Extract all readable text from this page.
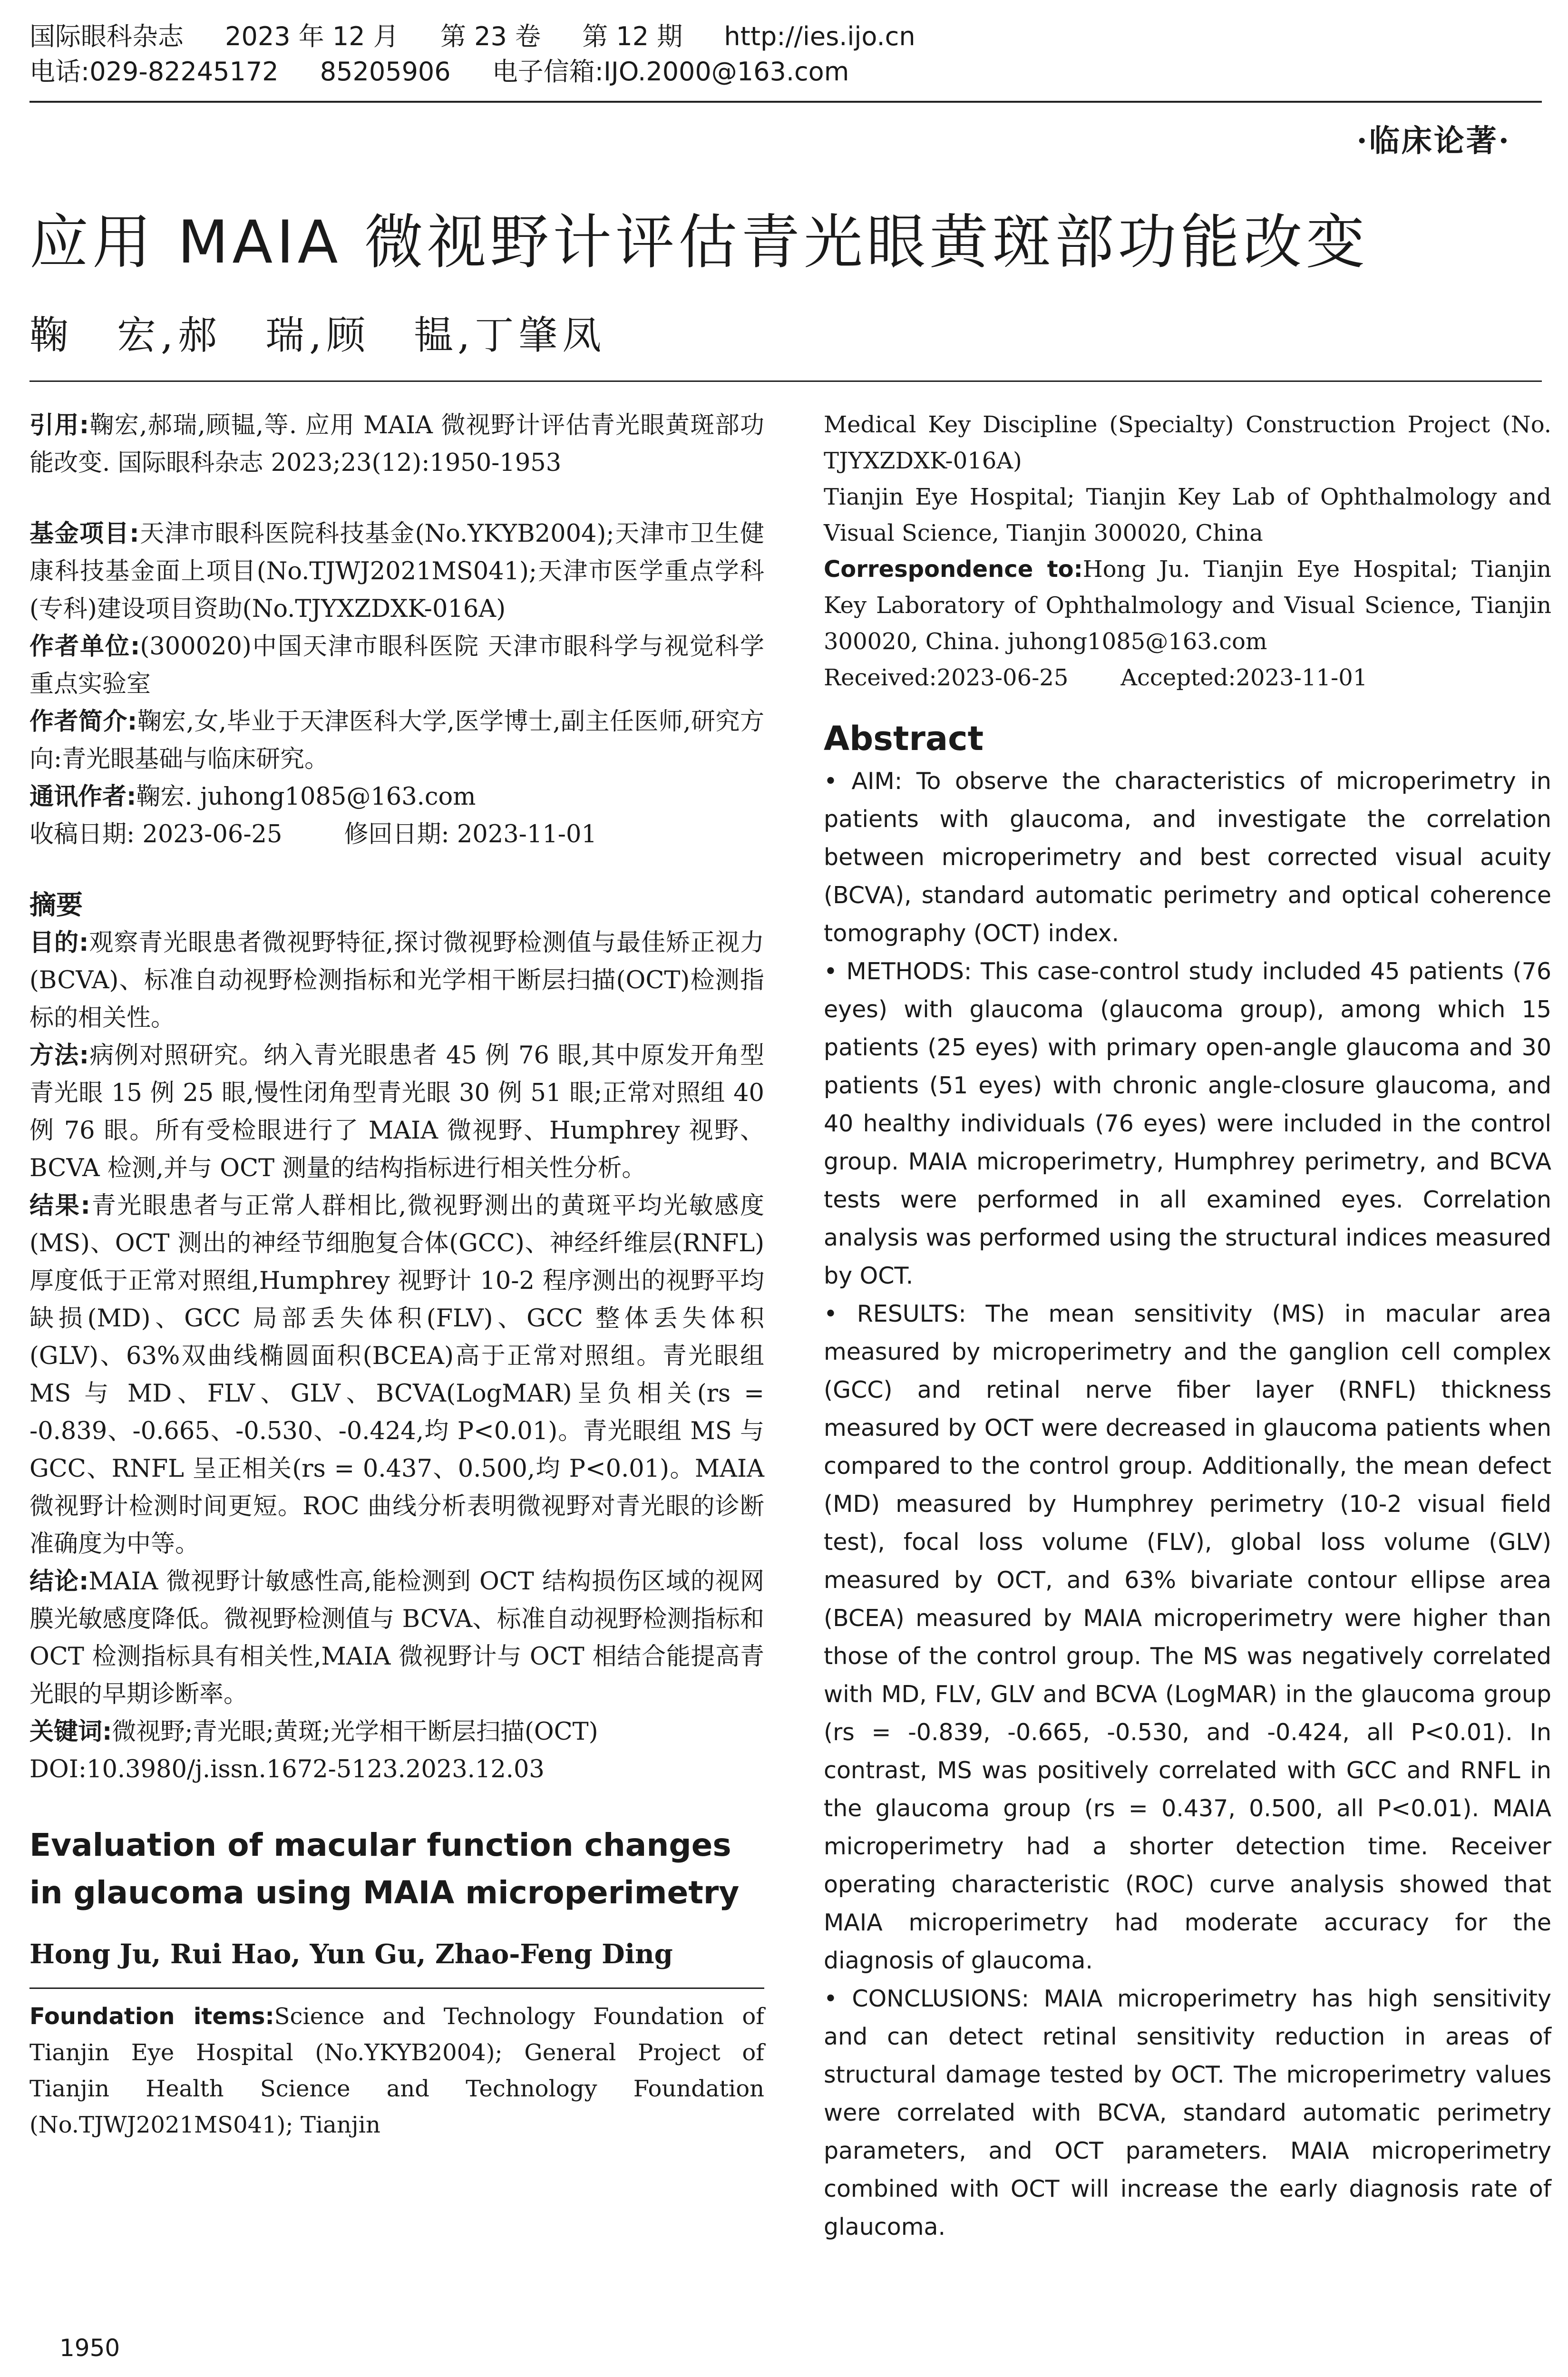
国际眼科杂志 2023 年 12 月 第 23 卷 第 12 期 http://ies.ijo.cn
电话:029-82245172 85205906 电子信箱:IJO.2000@163.com
·临床论著·
应用 MAIA 微视野计评估青光眼黄斑部功能改变
鞠　宏,郝　瑞,顾　韫,丁肇凤

引用:鞠宏,郝瑞,顾韫,等. 应用 MAIA 微视野计评估青光眼黄斑部功能改变. 国际眼科杂志 2023;23(12):1950-1953

基金项目:天津市眼科医院科技基金(No.YKYB2004);天津市卫生健康科技基金面上项目(No.TJWJ2021MS041);天津市医学重点学科(专科)建设项目资助(No.TJYXZDXK-016A)

作者单位:(300020)中国天津市眼科医院 天津市眼科学与视觉科学重点实验室

作者简介:鞠宏,女,毕业于天津医科大学,医学博士,副主任医师,研究方向:青光眼基础与临床研究。

通讯作者:鞠宏. juhong1085@163.com

收稿日期: 2023-06-25	修回日期: 2023-11-01

摘要

目的:观察青光眼患者微视野特征,探讨微视野检测值与最佳矫正视力(BCVA)、标准自动视野检测指标和光学相干断层扫描(OCT)检测指标的相关性。

方法:病例对照研究。纳入青光眼患者 45 例 76 眼,其中原发开角型青光眼 15 例 25 眼,慢性闭角型青光眼 30 例 51 眼;正常对照组 40 例 76 眼。所有受检眼进行了 MAIA 微视野、Humphrey 视野、BCVA 检测,并与 OCT 测量的结构指标进行相关性分析。

结果:青光眼患者与正常人群相比,微视野测出的黄斑平均光敏感度(MS)、OCT 测出的神经节细胞复合体(GCC)、神经纤维层(RNFL)厚度低于正常对照组,Humphrey 视野计 10-2 程序测出的视野平均缺损(MD)、GCC 局部丢失体积(FLV)、GCC 整体丢失体积(GLV)、63%双曲线椭圆面积(BCEA)高于正常对照组。青光眼组 MS 与 MD、FLV、GLV、BCVA(LogMAR)呈负相关(rs = -0.839、-0.665、-0.530、-0.424,均 P<0.01)。青光眼组 MS 与 GCC、RNFL 呈正相关(rs = 0.437、0.500,均 P<0.01)。MAIA 微视野计检测时间更短。ROC 曲线分析表明微视野对青光眼的诊断准确度为中等。

结论:MAIA 微视野计敏感性高,能检测到 OCT 结构损伤区域的视网膜光敏感度降低。微视野检测值与 BCVA、标准自动视野检测指标和 OCT 检测指标具有相关性,MAIA 微视野计与 OCT 相结合能提高青光眼的早期诊断率。

关键词:微视野;青光眼;黄斑;光学相干断层扫描(OCT)

DOI:10.3980/j.issn.1672-5123.2023.12.03

Evaluation of macular function changes in glaucoma using MAIA microperimetry

Hong Ju, Rui Hao, Yun Gu, Zhao-Feng Ding

Foundation items:Science and Technology Foundation of Tianjin Eye Hospital (No.YKYB2004); General Project of Tianjin Health Science and Technology Foundation (No.TJWJ2021MS041); Tianjin

Medical Key Discipline (Specialty) Construction Project (No. TJYXZDXK-016A)

Tianjin Eye Hospital; Tianjin Key Lab of Ophthalmology and Visual Science, Tianjin 300020, China

Correspondence to:Hong Ju. Tianjin Eye Hospital; Tianjin Key Laboratory of Ophthalmology and Visual Science, Tianjin 300020, China. juhong1085@163.com

Received:2023-06-25 Accepted:2023-11-01

Abstract

• AIM: To observe the characteristics of microperimetry in patients with glaucoma, and investigate the correlation between microperimetry and best corrected visual acuity (BCVA), standard automatic perimetry and optical coherence tomography (OCT) index.

• METHODS: This case-control study included 45 patients (76 eyes) with glaucoma (glaucoma group), among which 15 patients (25 eyes) with primary open-angle glaucoma and 30 patients (51 eyes) with chronic angle-closure glaucoma, and 40 healthy individuals (76 eyes) were included in the control group. MAIA microperimetry, Humphrey perimetry, and BCVA tests were performed in all examined eyes. Correlation analysis was performed using the structural indices measured by OCT.

• RESULTS: The mean sensitivity (MS) in macular area measured by microperimetry and the ganglion cell complex (GCC) and retinal nerve fiber layer (RNFL) thickness measured by OCT were decreased in glaucoma patients when compared to the control group. Additionally, the mean defect (MD) measured by Humphrey perimetry (10-2 visual field test), focal loss volume (FLV), global loss volume (GLV) measured by OCT, and 63% bivariate contour ellipse area (BCEA) measured by MAIA microperimetry were higher than those of the control group. The MS was negatively correlated with MD, FLV, GLV and BCVA (LogMAR) in the glaucoma group (rs = -0.839, -0.665, -0.530, and -0.424, all P<0.01). In contrast, MS was positively correlated with GCC and RNFL in the glaucoma group (rs = 0.437, 0.500, all P<0.01). MAIA microperimetry had a shorter detection time. Receiver operating characteristic (ROC) curve analysis showed that MAIA microperimetry had moderate accuracy for the diagnosis of glaucoma.

• CONCLUSIONS: MAIA microperimetry has high sensitivity and can detect retinal sensitivity reduction in areas of structural damage tested by OCT. The microperimetry values were correlated with BCVA, standard automatic perimetry parameters, and OCT parameters. MAIA microperimetry combined with OCT will increase the early diagnosis rate of glaucoma.

1950
